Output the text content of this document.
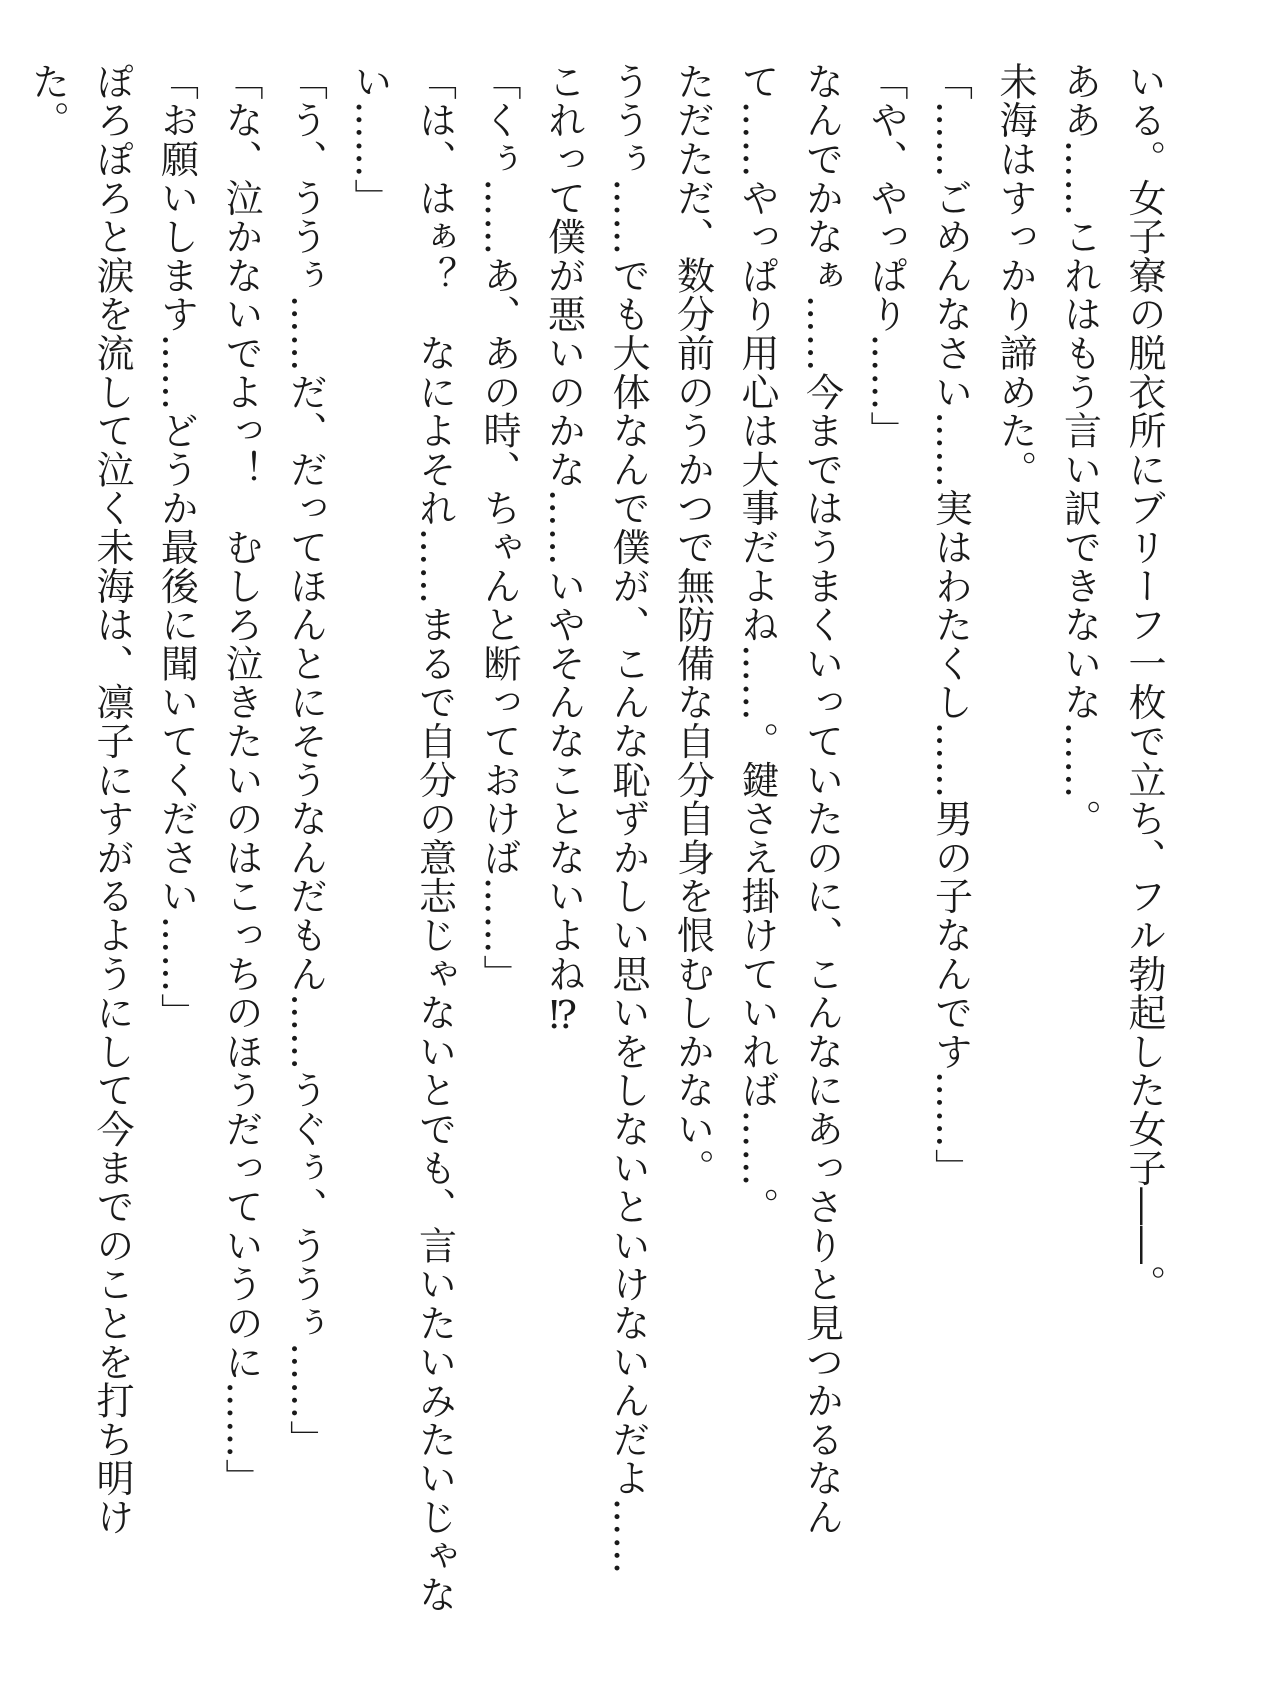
いる。女子寮の脱衣所にブリーフ一枚で立ち、フル勃起した女子――。

ああ……これはもう言い訳できないな……。

未海はすっかり諦めた。

「……ごめんなさい……実はわたくし……男の子なんです……」

「や、やっぱり……」

なんでかなぁ……今まではうまくいっていたのに、こんなにあっさりと見つかるなん

て……やっぱり用心は大事だよね……。鍵さえ掛けていれば……。

ただただ、数分前のうかつで無防備な自分自身を恨むしかない。

ううぅ……でも大体なんで僕が、こんな恥ずかしい思いをしないといけないんだよ……

これって僕が悪いのかな……いやそんなことないよね⁉

「くぅ……あ、あの時、ちゃんと断っておけば……」

「は、はぁ？　なによそれ……まるで自分の意志じゃないとでも、言いたいみたいじゃな

い……」

「う、ううぅ……だ、だってほんとにそうなんだもん……うぐぅ、ううぅ……」

「な、泣かないでよっ！　むしろ泣きたいのはこっちのほうだっていうのに……」

「お願いします……どうか最後に聞いてください……」

ぽろぽろと涙を流して泣く未海は、凛子にすがるようにして今までのことを打ち明け

た。
